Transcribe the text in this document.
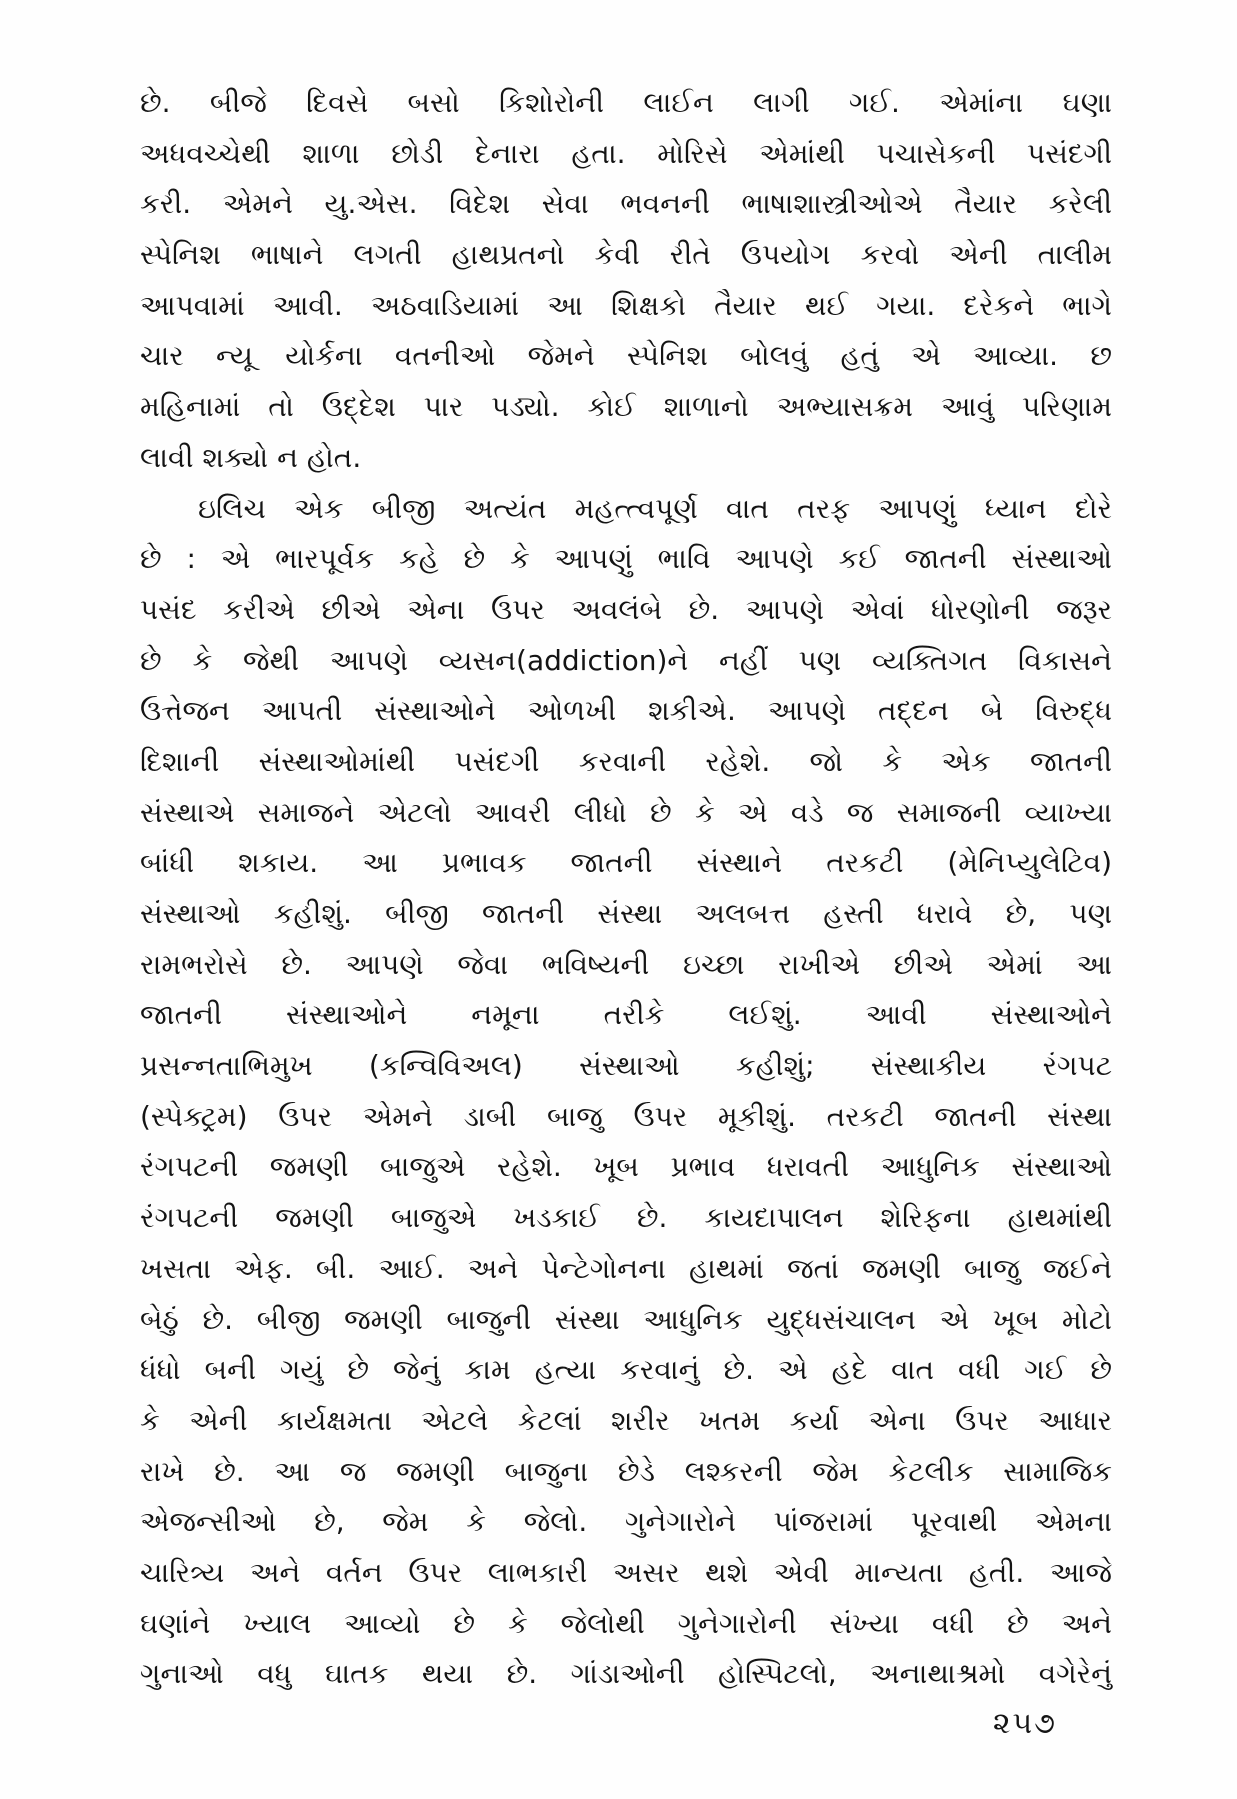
છે. બીજે દિવસે બસો કિશોરોની લાઈન લાગી ગઈ. એમાંના ઘણા
અધવચ્ચેથી શાળા છોડી દેનારા હતા. મોરિસે એમાંથી પચાસેકની પસંદગી
કરી. એમને યુ.એસ. વિદેશ સેવા ભવનની ભાષાશાસ્ત્રીઓએ તૈયાર કરેલી
સ્પેનિશ ભાષાને લગતી હાથપ્રતનો કેવી રીતે ઉપયોગ કરવો એની તાલીમ
આપવામાં આવી. અઠવાડિયામાં આ શિક્ષકો તૈયાર થઈ ગયા. દરેકને ભાગે
ચાર ન્યૂ યોર્કના વતનીઓ જેમને સ્પેનિશ બોલવું હતું એ આવ્યા. છ
મહિનામાં તો ઉદ્દેશ પાર પડ્યો. કોઈ શાળાનો અભ્યાસક્રમ આવું પરિણામ
લાવી શક્યો ન હોત.
ઇલિચ એક બીજી અત્યંત મહત્ત્વપૂર્ણ વાત તરફ આપણું ધ્યાન દોરે
છે : એ ભારપૂર્વક કહે છે કે આપણું ભાવિ આપણે કઈ જાતની સંસ્થાઓ
પસંદ કરીએ છીએ એના ઉપર અવલંબે છે. આપણે એવાં ધોરણોની જરૂર
છે કે જેથી આપણે વ્યસન(addiction)ને નહીં પણ વ્યક્તિગત વિકાસને
ઉત્તેજન આપતી સંસ્થાઓને ઓળખી શકીએ. આપણે તદ્દન બે વિરુદ્ધ
દિશાની સંસ્થાઓમાંથી પસંદગી કરવાની રહેશે. જો કે એક જાતની
સંસ્થાએ સમાજને એટલો આવરી લીધો છે કે એ વડે જ સમાજની વ્યાખ્યા
બાંધી શકાય. આ પ્રભાવક જાતની સંસ્થાને તરકટી (મેનિપ્યુલેટિવ)
સંસ્થાઓ કહીશું. બીજી જાતની સંસ્થા અલબત્ત હસ્તી ધરાવે છે, પણ
રામભરોસે છે. આપણે જેવા ભવિષ્યની ઇચ્છા રાખીએ છીએ એમાં આ
જાતની સંસ્થાઓને નમૂના તરીકે લઈશું. આવી સંસ્થાઓને
પ્રસન્નતાભિમુખ (કન્વિવિઅલ) સંસ્થાઓ કહીશું; સંસ્થાકીય રંગપટ
(સ્પેક્ટ્રમ) ઉપર એમને ડાબી બાજુ ઉપર મૂકીશું. તરકટી જાતની સંસ્થા
રંગપટની જમણી બાજુએ રહેશે. ખૂબ પ્રભાવ ધરાવતી આધુનિક સંસ્થાઓ
રંગપટની જમણી બાજુએ ખડકાઈ છે. કાયદાપાલન શેરિફના હાથમાંથી
ખસતા એફ. બી. આઈ. અને પેન્ટેગોનના હાથમાં જતાં જમણી બાજુ જઈને
બેઠું છે. બીજી જમણી બાજુની સંસ્થા આધુનિક યુદ્ધસંચાલન એ ખૂબ મોટો
ધંધો બની ગયું છે જેનું કામ હત્યા કરવાનું છે. એ હદે વાત વધી ગઈ છે
કે એની કાર્યક્ષમતા એટલે કેટલાં શરીર ખતમ કર્યા એના ઉપર આધાર
રાખે છે. આ જ જમણી બાજુના છેડે લશ્કરની જેમ કેટલીક સામાજિક
એજન્સીઓ છે, જેમ કે જેલો. ગુનેગારોને પાંજરામાં પૂરવાથી એમના
ચારિત્ર્ય અને વર્તન ઉપર લાભકારી અસર થશે એવી માન્યતા હતી. આજે
ઘણાંને ખ્યાલ આવ્યો છે કે જેલોથી ગુનેગારોની સંખ્યા વધી છે અને
ગુનાઓ વધુ ઘાતક થયા છે. ગાંડાઓની હોસ્પિટલો, અનાથાશ્રમો વગેરેનું
૨૫૭
